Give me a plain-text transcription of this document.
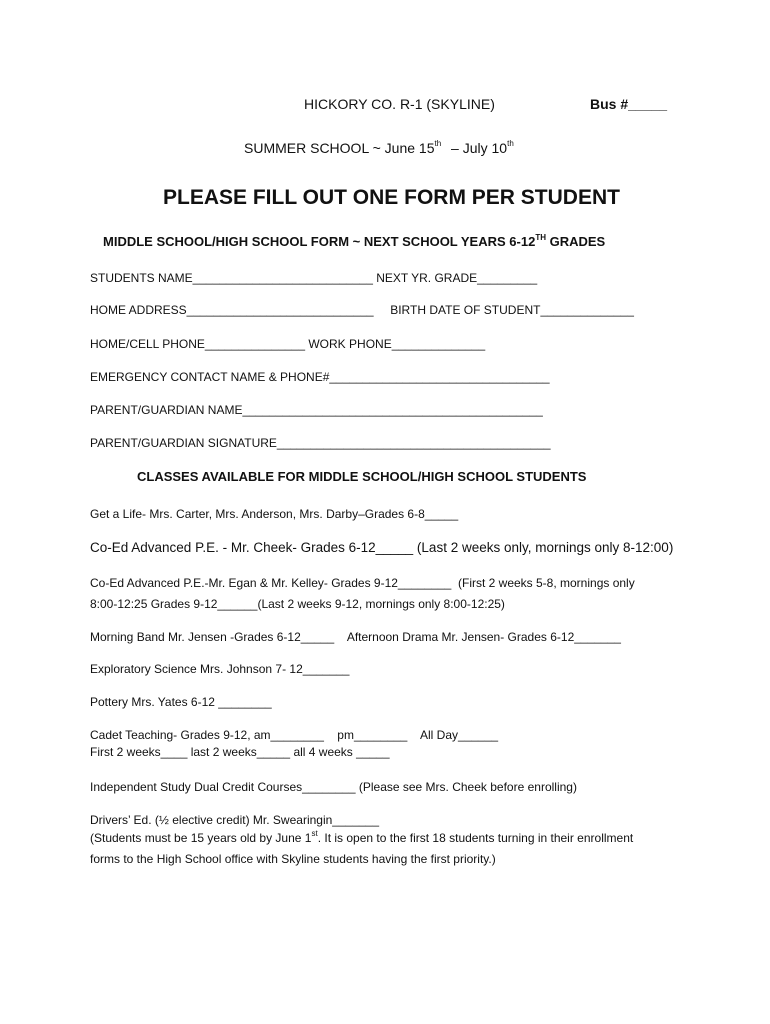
HICKORY CO. R-1 (SKYLINE)	Bus #_____
SUMMER SCHOOL ~ June 15th – July 10th
PLEASE FILL OUT ONE FORM PER STUDENT
MIDDLE SCHOOL/HIGH SCHOOL FORM ~ NEXT SCHOOL YEARS 6-12TH GRADES
STUDENTS NAME___________________________ NEXT YR. GRADE_________
HOME ADDRESS____________________________     BIRTH DATE OF STUDENT______________
HOME/CELL PHONE_______________ WORK PHONE______________
EMERGENCY CONTACT NAME & PHONE#_________________________________
PARENT/GUARDIAN NAME_____________________________________________
PARENT/GUARDIAN SIGNATURE_________________________________________
CLASSES AVAILABLE FOR MIDDLE SCHOOL/HIGH SCHOOL STUDENTS
Get a Life- Mrs. Carter, Mrs. Anderson, Mrs. Darby–Grades 6-8_____
Co-Ed Advanced P.E. - Mr. Cheek- Grades 6-12_____ (Last 2 weeks only, mornings only 8-12:00)
Co-Ed Advanced P.E.-Mr. Egan & Mr. Kelley- Grades 9-12________  (First 2 weeks 5-8, mornings only
8:00-12:25 Grades 9-12______(Last 2 weeks 9-12, mornings only 8:00-12:25)
Morning Band Mr. Jensen -Grades 6-12_____    Afternoon Drama Mr. Jensen- Grades 6-12_______
Exploratory Science Mrs. Johnson 7- 12_______
Pottery Mrs. Yates 6-12 ________
Cadet Teaching- Grades 9-12, am________    pm________    All Day______
First 2 weeks____ last 2 weeks_____ all 4 weeks _____
Independent Study Dual Credit Courses________ (Please see Mrs. Cheek before enrolling)
Drivers’ Ed. (½ elective credit) Mr. Swearingin_______
(Students must be 15 years old by June 1st. It is open to the first 18 students turning in their enrollment
forms to the High School office with Skyline students having the first priority.)
